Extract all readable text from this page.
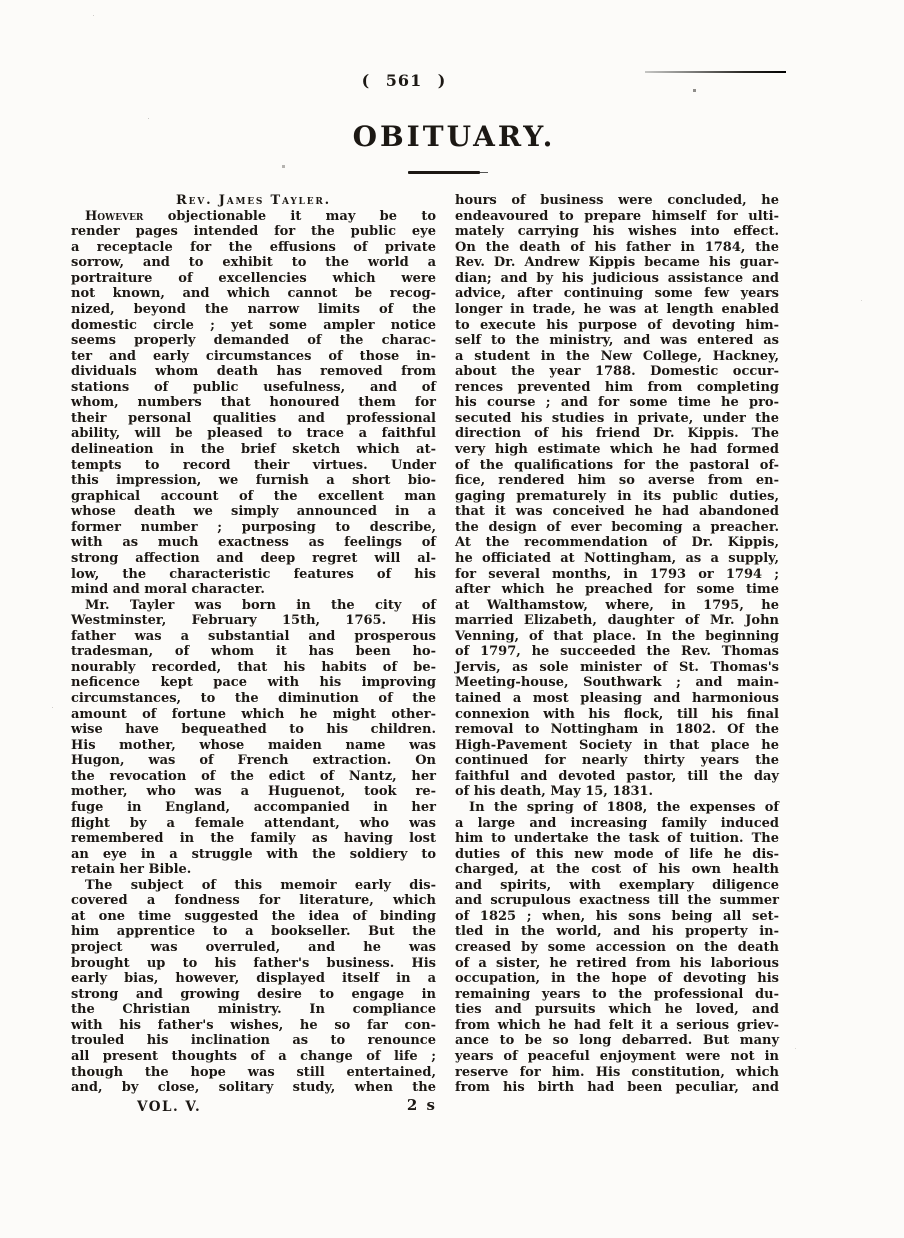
( 561 )
OBITUARY.
Rev. James Tayler.
However objectionable it may be to
render pages intended for the public eye
a receptacle for the effusions of private
sorrow, and to exhibit to the world a
portraiture of excellencies which were
not known, and which cannot be recog-
nized, beyond the narrow limits of the
domestic circle ; yet some ampler notice
seems properly demanded of the charac-
ter and early circumstances of those in-
dividuals whom death has removed from
stations of public usefulness, and of
whom, numbers that honoured them for
their personal qualities and professional
ability, will be pleased to trace a faithful
delineation in the brief sketch which at-
tempts to record their virtues. Under
this impression, we furnish a short bio-
graphical account of the excellent man
whose death we simply announced in a
former number ; purposing to describe,
with as much exactness as feelings of
strong affection and deep regret will al-
low, the characteristic features of his
mind and moral character.
Mr. Tayler was born in the city of
Westminster, February 15th, 1765. His
father was a substantial and prosperous
tradesman, of whom it has been ho-
nourably recorded, that his habits of be-
neficence kept pace with his improving
circumstances, to the diminution of the
amount of fortune which he might other-
wise have bequeathed to his children.
His mother, whose maiden name was
Hugon, was of French extraction. On
the revocation of the edict of Nantz, her
mother, who was a Huguenot, took re-
fuge in England, accompanied in her
flight by a female attendant, who was
remembered in the family as having lost
an eye in a struggle with the soldiery to
retain her Bible.
The subject of this memoir early dis-
covered a fondness for literature, which
at one time suggested the idea of binding
him apprentice to a bookseller. But the
project was overruled, and he was
brought up to his father's business. His
early bias, however, displayed itself in a
strong and growing desire to engage in
the Christian ministry. In compliance
with his father's wishes, he so far con-
trouled his inclination as to renounce
all present thoughts of a change of life ;
though the hope was still entertained,
and, by close, solitary study, when the
hours of business were concluded, he
endeavoured to prepare himself for ulti-
mately carrying his wishes into effect.
On the death of his father in 1784, the
Rev. Dr. Andrew Kippis became his guar-
dian; and by his judicious assistance and
advice, after continuing some few years
longer in trade, he was at length enabled
to execute his purpose of devoting him-
self to the ministry, and was entered as
a student in the New College, Hackney,
about the year 1788. Domestic occur-
rences prevented him from completing
his course ; and for some time he pro-
secuted his studies in private, under the
direction of his friend Dr. Kippis. The
very high estimate which he had formed
of the qualifications for the pastoral of-
fice, rendered him so averse from en-
gaging prematurely in its public duties,
that it was conceived he had abandoned
the design of ever becoming a preacher.
At the recommendation of Dr. Kippis,
he officiated at Nottingham, as a supply,
for several months, in 1793 or 1794 ;
after which he preached for some time
at Walthamstow, where, in 1795, he
married Elizabeth, daughter of Mr. John
Venning, of that place. In the beginning
of 1797, he succeeded the Rev. Thomas
Jervis, as sole minister of St. Thomas's
Meeting-house, Southwark ; and main-
tained a most pleasing and harmonious
connexion with his flock, till his final
removal to Nottingham in 1802. Of the
High-Pavement Society in that place he
continued for nearly thirty years the
faithful and devoted pastor, till the day
of his death, May 15, 1831.
In the spring of 1808, the expenses of
a large and increasing family induced
him to undertake the task of tuition. The
duties of this new mode of life he dis-
charged, at the cost of his own health
and spirits, with exemplary diligence
and scrupulous exactness till the summer
of 1825 ; when, his sons being all set-
tled in the world, and his property in-
creased by some accession on the death
of a sister, he retired from his laborious
occupation, in the hope of devoting his
remaining years to the professional du-
ties and pursuits which he loved, and
from which he had felt it a serious griev-
ance to be so long debarred. But many
years of peaceful enjoyment were not in
reserve for him. His constitution, which
from his birth had been peculiar, and
VOL. V.	2 s
